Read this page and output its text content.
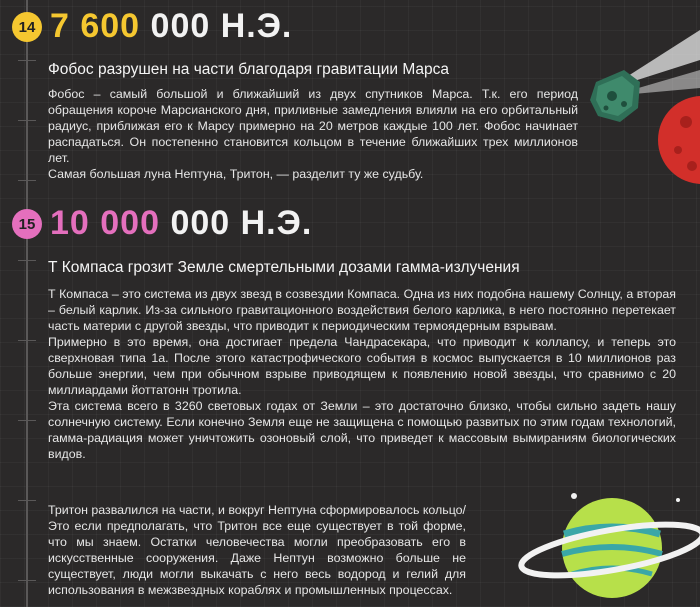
14 7 600 000 Н.Э.
Фобос разрушен на части благодаря гравитации Марса
Фобос – самый большой и ближайший из двух спутников Марса. Т.к. его период обращения короче Марсианского дня, приливные замедления влияли на его орбитальный радиус, приближая его к Марсу примерно на 20 метров каждые 100 лет. Фобос начинает распадаться. Он постепенно становится кольцом в течение ближайших трех миллионов лет.
Самая большая луна Нептуна, Тритон, — разделит ту же судьбу.
15 10 000 000 Н.Э.
Т Компаса грозит Земле смертельными дозами гамма-излучения
Т Компаса – это система из двух звезд в созвездии Компаса. Одна из них подобна нашему Солнцу, а вторая – белый карлик. Из-за сильного гравитационного воздействия белого карлика, в него постоянно перетекает часть материи с другой звезды, что приводит к периодическим термоядерным взрывам.
Примерно в это время, она достигает предела Чандрасекара, что приводит к коллапсу, и теперь это сверхновая типа 1а. После этого катастрофического события в космос выпускается в 10 миллионов раз больше энергии, чем при обычном взрыве приводящем к появлению новой звезды, что сравнимо с 20 миллиардами йоттатонн тротила.
Эта система всего в 3260 световых годах от Земли – это достаточно близко, чтобы сильно задеть нашу солнечную систему. Если конечно Земля еще не защищена с помощью развитых по этим годам технологий, гамма-радиация может уничтожить озоновый слой, что приведет к массовым вымираниям биологических видов.
Тритон развалился на части, и вокруг Нептуна сформировалось кольцо/ Это если предполагать, что Тритон все еще существует в той форме, что мы знаем. Остатки человечества могли преобразовать его в искусственные сооружения. Даже Нептун возможно больше не существует, люди могли выкачать с него весь водород и гелий для использования в межзвездных кораблях и промышленных процессах.
